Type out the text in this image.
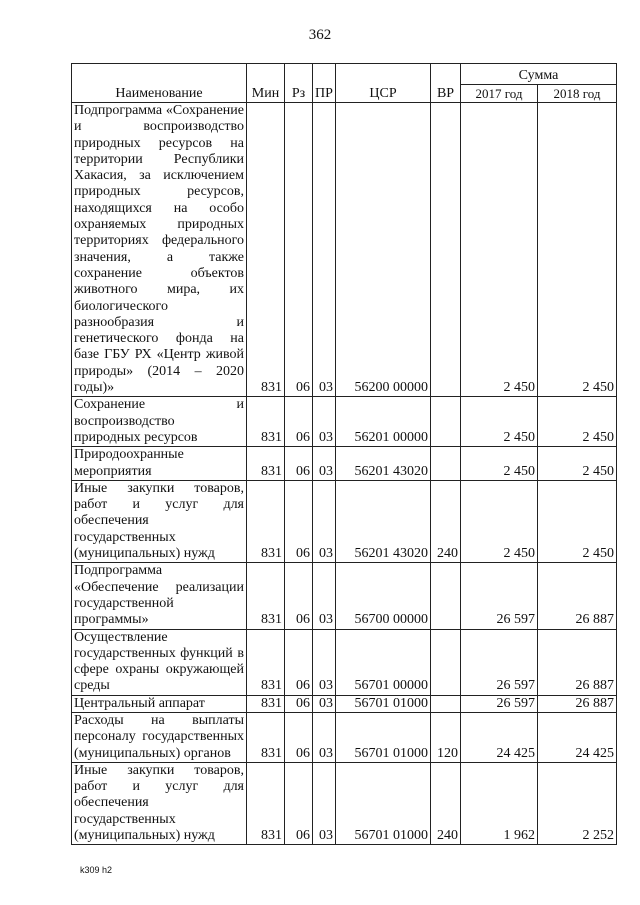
362
Наименование	Мин	Рз	ПР	ЦСР	ВР	Сумма	
						2017 год	2018 год
Подпрограмма «Сохранение и воспроизводство природных ресурсов на территории Республики Хакасия, за исключением природных ресурсов, находящихся на особо охраняемых природных территориях федерального значения, а также сохранение объектов животного мира, их биологического разнообразия и генетического фонда на базе ГБУ РХ «Центр живой природы» (2014 – 2020 годы)»	831	06	03	56200 00000		2 450	2 450
Сохранение и воспроизводство природных ресурсов	831	06	03	56201 00000		2 450	2 450
Природоохранные мероприятия	831	06	03	56201 43020		2 450	2 450
Иные закупки товаров, работ и услуг для обеспечения государственных (муниципальных) нужд	831	06	03	56201 43020	240	2 450	2 450
Подпрограмма «Обеспечение реализации государственной программы»	831	06	03	56700 00000		26 597	26 887
Осуществление государственных функций в сфере охраны окружающей среды	831	06	03	56701 00000		26 597	26 887
Центральный аппарат	831	06	03	56701 01000		26 597	26 887
Расходы на выплаты персоналу государственных (муниципальных) органов	831	06	03	56701 01000	120	24 425	24 425
Иные закупки товаров, работ и услуг для обеспечения государственных (муниципальных) нужд	831	06	03	56701 01000	240	1 962	2 252
k309 h2
